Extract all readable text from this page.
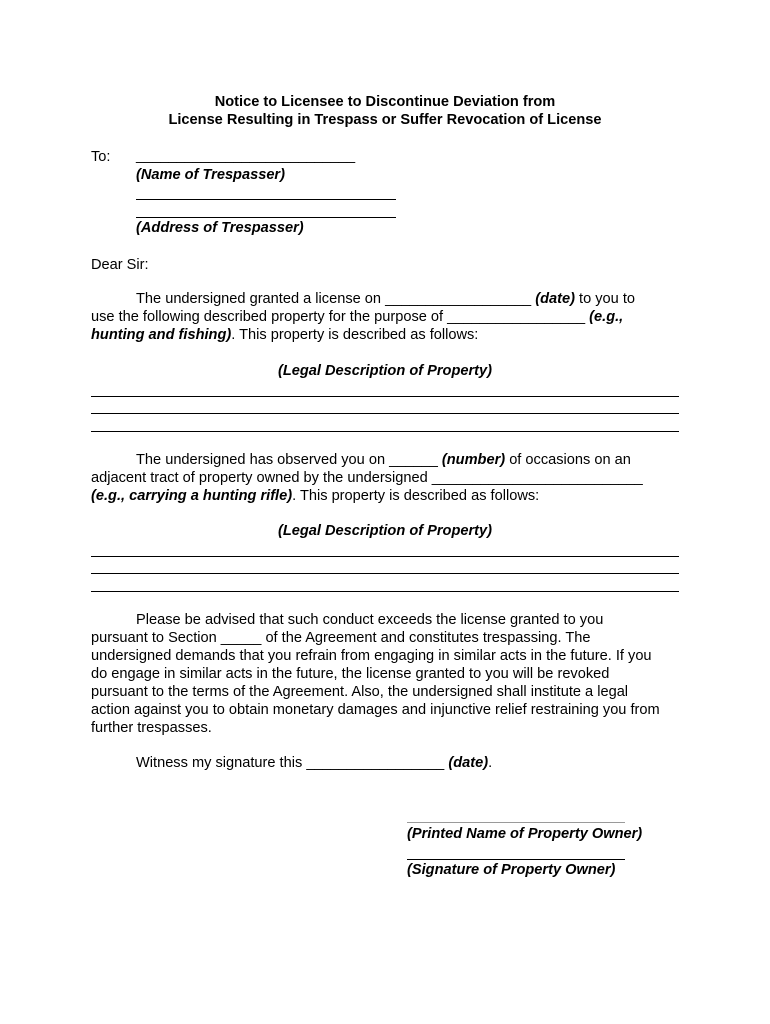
Notice to Licensee to Discontinue Deviation from
License Resulting in Trespass or Suffer Revocation of License
To: ___________________________
(Name of Trespasser)
(Address of Trespasser)
Dear Sir:
The undersigned granted a license on __________________ (date) to you to
use the following described property for the purpose of _________________ (e.g.,
hunting and fishing). This property is described as follows:
(Legal Description of Property)
The undersigned has observed you on ______ (number) of occasions on an
adjacent tract of property owned by the undersigned __________________________
(e.g., carrying a hunting rifle). This property is described as follows:
(Legal Description of Property)
Please be advised that such conduct exceeds the license granted to you
pursuant to Section _____ of the Agreement and constitutes trespassing. The
undersigned demands that you refrain from engaging in similar acts in the future. If you
do engage in similar acts in the future, the license granted to you will be revoked
pursuant to the terms of the Agreement. Also, the undersigned shall institute a legal
action against you to obtain monetary damages and injunctive relief restraining you from
further trespasses.
Witness my signature this _________________ (date).
(Printed Name of Property Owner)
(Signature of Property Owner)
